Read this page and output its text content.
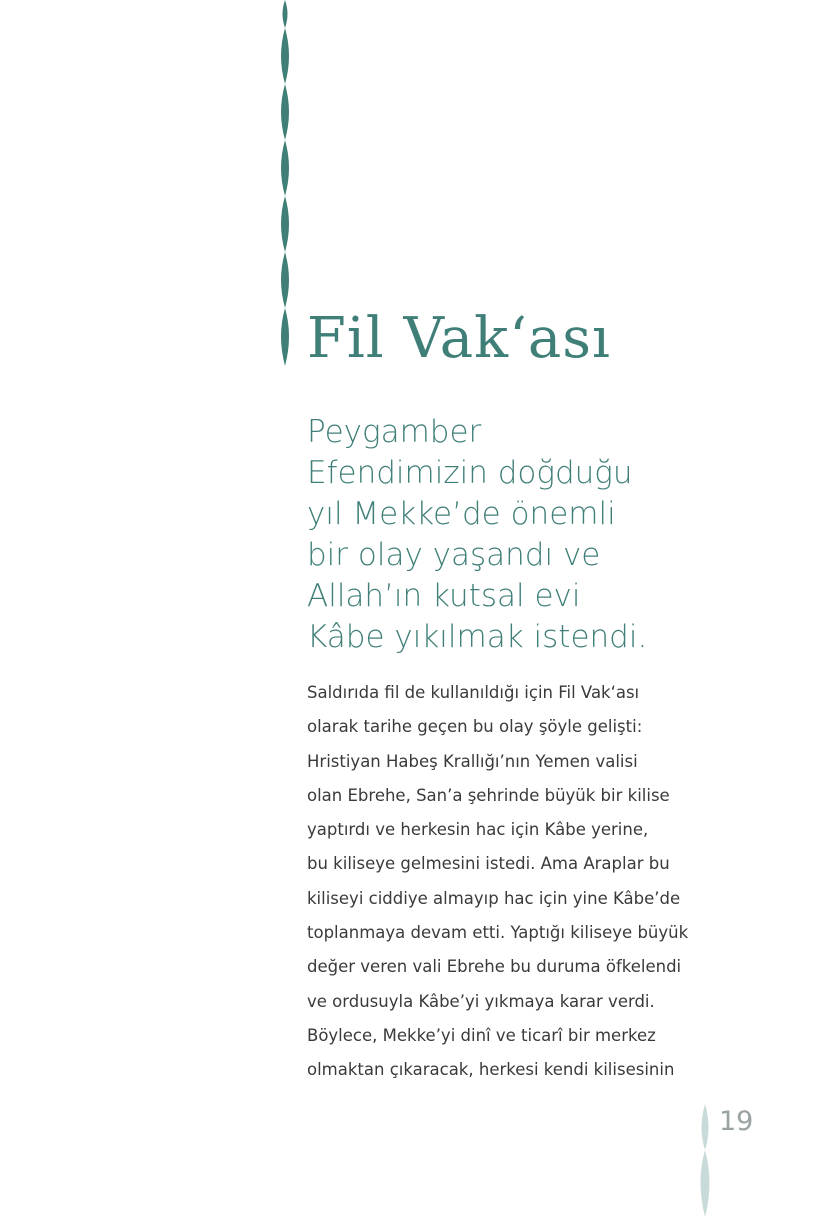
Fil Vak‘ası
Peygamber
Efendimizin doğduğu
yıl Mekke’de önemli
bir olay yaşandı ve
Allah’ın kutsal evi
Kâbe yıkılmak istendi.
Saldırıda fil de kullanıldığı için Fil Vak‘ası
olarak tarihe geçen bu olay şöyle gelişti:
Hristiyan Habeş Krallığı’nın Yemen valisi
olan Ebrehe, San’a şehrinde büyük bir kilise
yaptırdı ve herkesin hac için Kâbe yerine,
bu kiliseye gelmesini istedi. Ama Araplar bu
kiliseyi ciddiye almayıp hac için yine Kâbe’de
toplanmaya devam etti. Yaptığı kiliseye büyük
değer veren vali Ebrehe bu duruma öfkelendi
ve ordusuyla Kâbe’yi yıkmaya karar verdi.
Böylece, Mekke’yi dinî ve ticarî bir merkez
olmaktan çıkaracak, herkesi kendi kilisesinin
19
